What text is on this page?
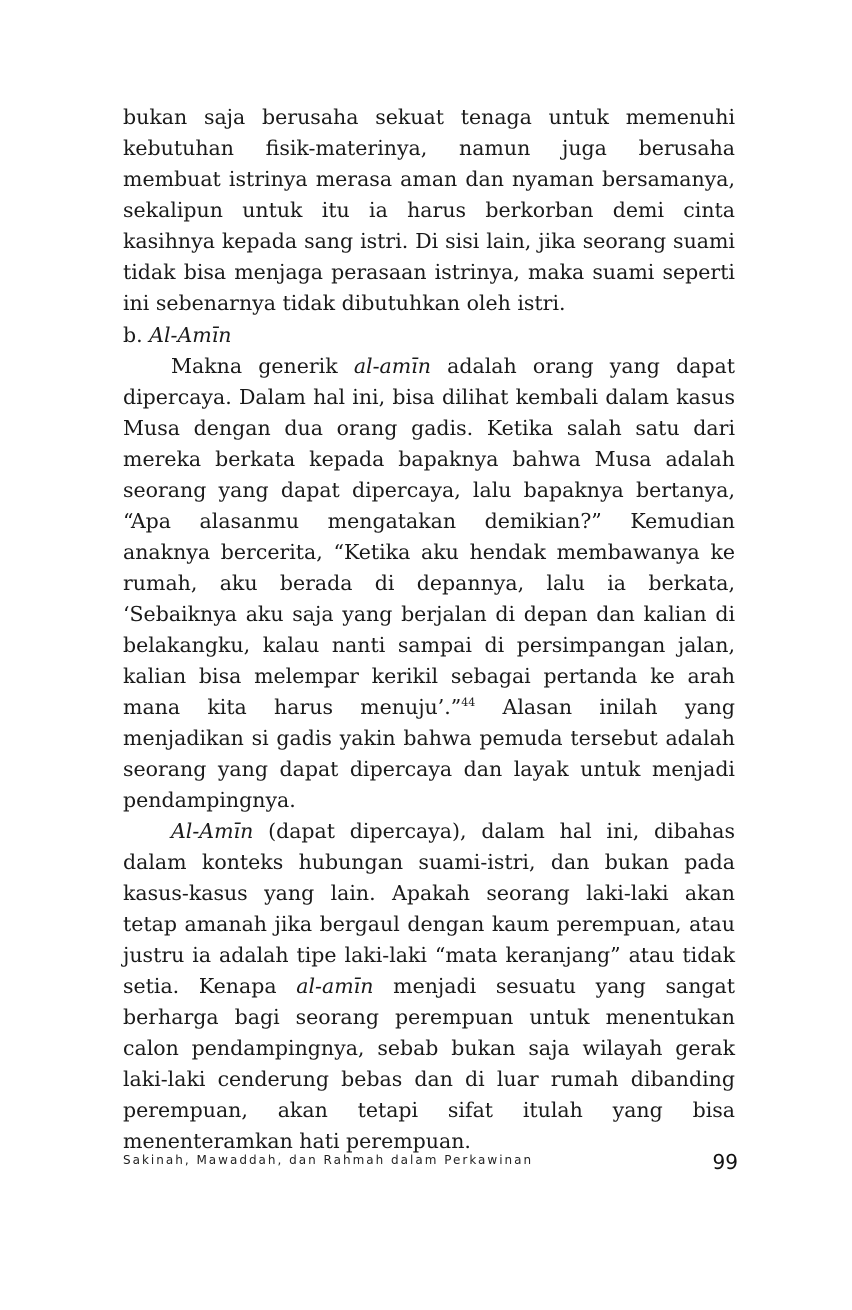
bukan saja berusaha sekuat tenaga untuk memenuhi kebutuhan fisik-materinya, namun juga berusaha membuat istrinya merasa aman dan nyaman bersamanya, sekalipun untuk itu ia harus berkorban demi cinta kasihnya kepada sang istri. Di sisi lain, jika seorang suami tidak bisa menjaga perasaan istrinya, maka suami seperti ini sebenarnya tidak dibutuhkan oleh istri.

b. Al-Amīn

Makna generik al-amīn adalah orang yang dapat dipercaya. Dalam hal ini, bisa dilihat kembali dalam kasus Musa dengan dua orang gadis. Ketika salah satu dari mereka berkata kepada bapaknya bahwa Musa adalah seorang yang dapat dipercaya, lalu bapaknya bertanya, “Apa alasanmu mengatakan demikian?” Kemudian anaknya bercerita, “Ketika aku hendak membawanya ke rumah, aku berada di depannya, lalu ia berkata, ‘Sebaiknya aku saja yang berjalan di depan dan kalian di belakangku, kalau nanti sampai di persimpangan jalan, kalian bisa melempar kerikil sebagai pertanda ke arah mana kita harus menuju’.”$^{44}$ Alasan inilah yang menjadikan si gadis yakin bahwa pemuda tersebut adalah seorang yang dapat dipercaya dan layak untuk menjadi pendampingnya.

Al-Amīn (dapat dipercaya), dalam hal ini, dibahas dalam konteks hubungan suami-istri, dan bukan pada kasus-kasus yang lain. Apakah seorang laki-laki akan tetap amanah jika bergaul dengan kaum perempuan, atau justru ia adalah tipe laki-laki “mata keranjang” atau tidak setia. Kenapa al-amīn menjadi sesuatu yang sangat berharga bagi seorang perempuan untuk menentukan calon pendampingnya, sebab bukan saja wilayah gerak laki-laki cenderung bebas dan di luar rumah dibanding perempuan, akan tetapi sifat itulah yang bisa menenteramkan hati perempuan.

Sakinah, Mawaddah, dan Rahmah dalam Perkawinan	99
